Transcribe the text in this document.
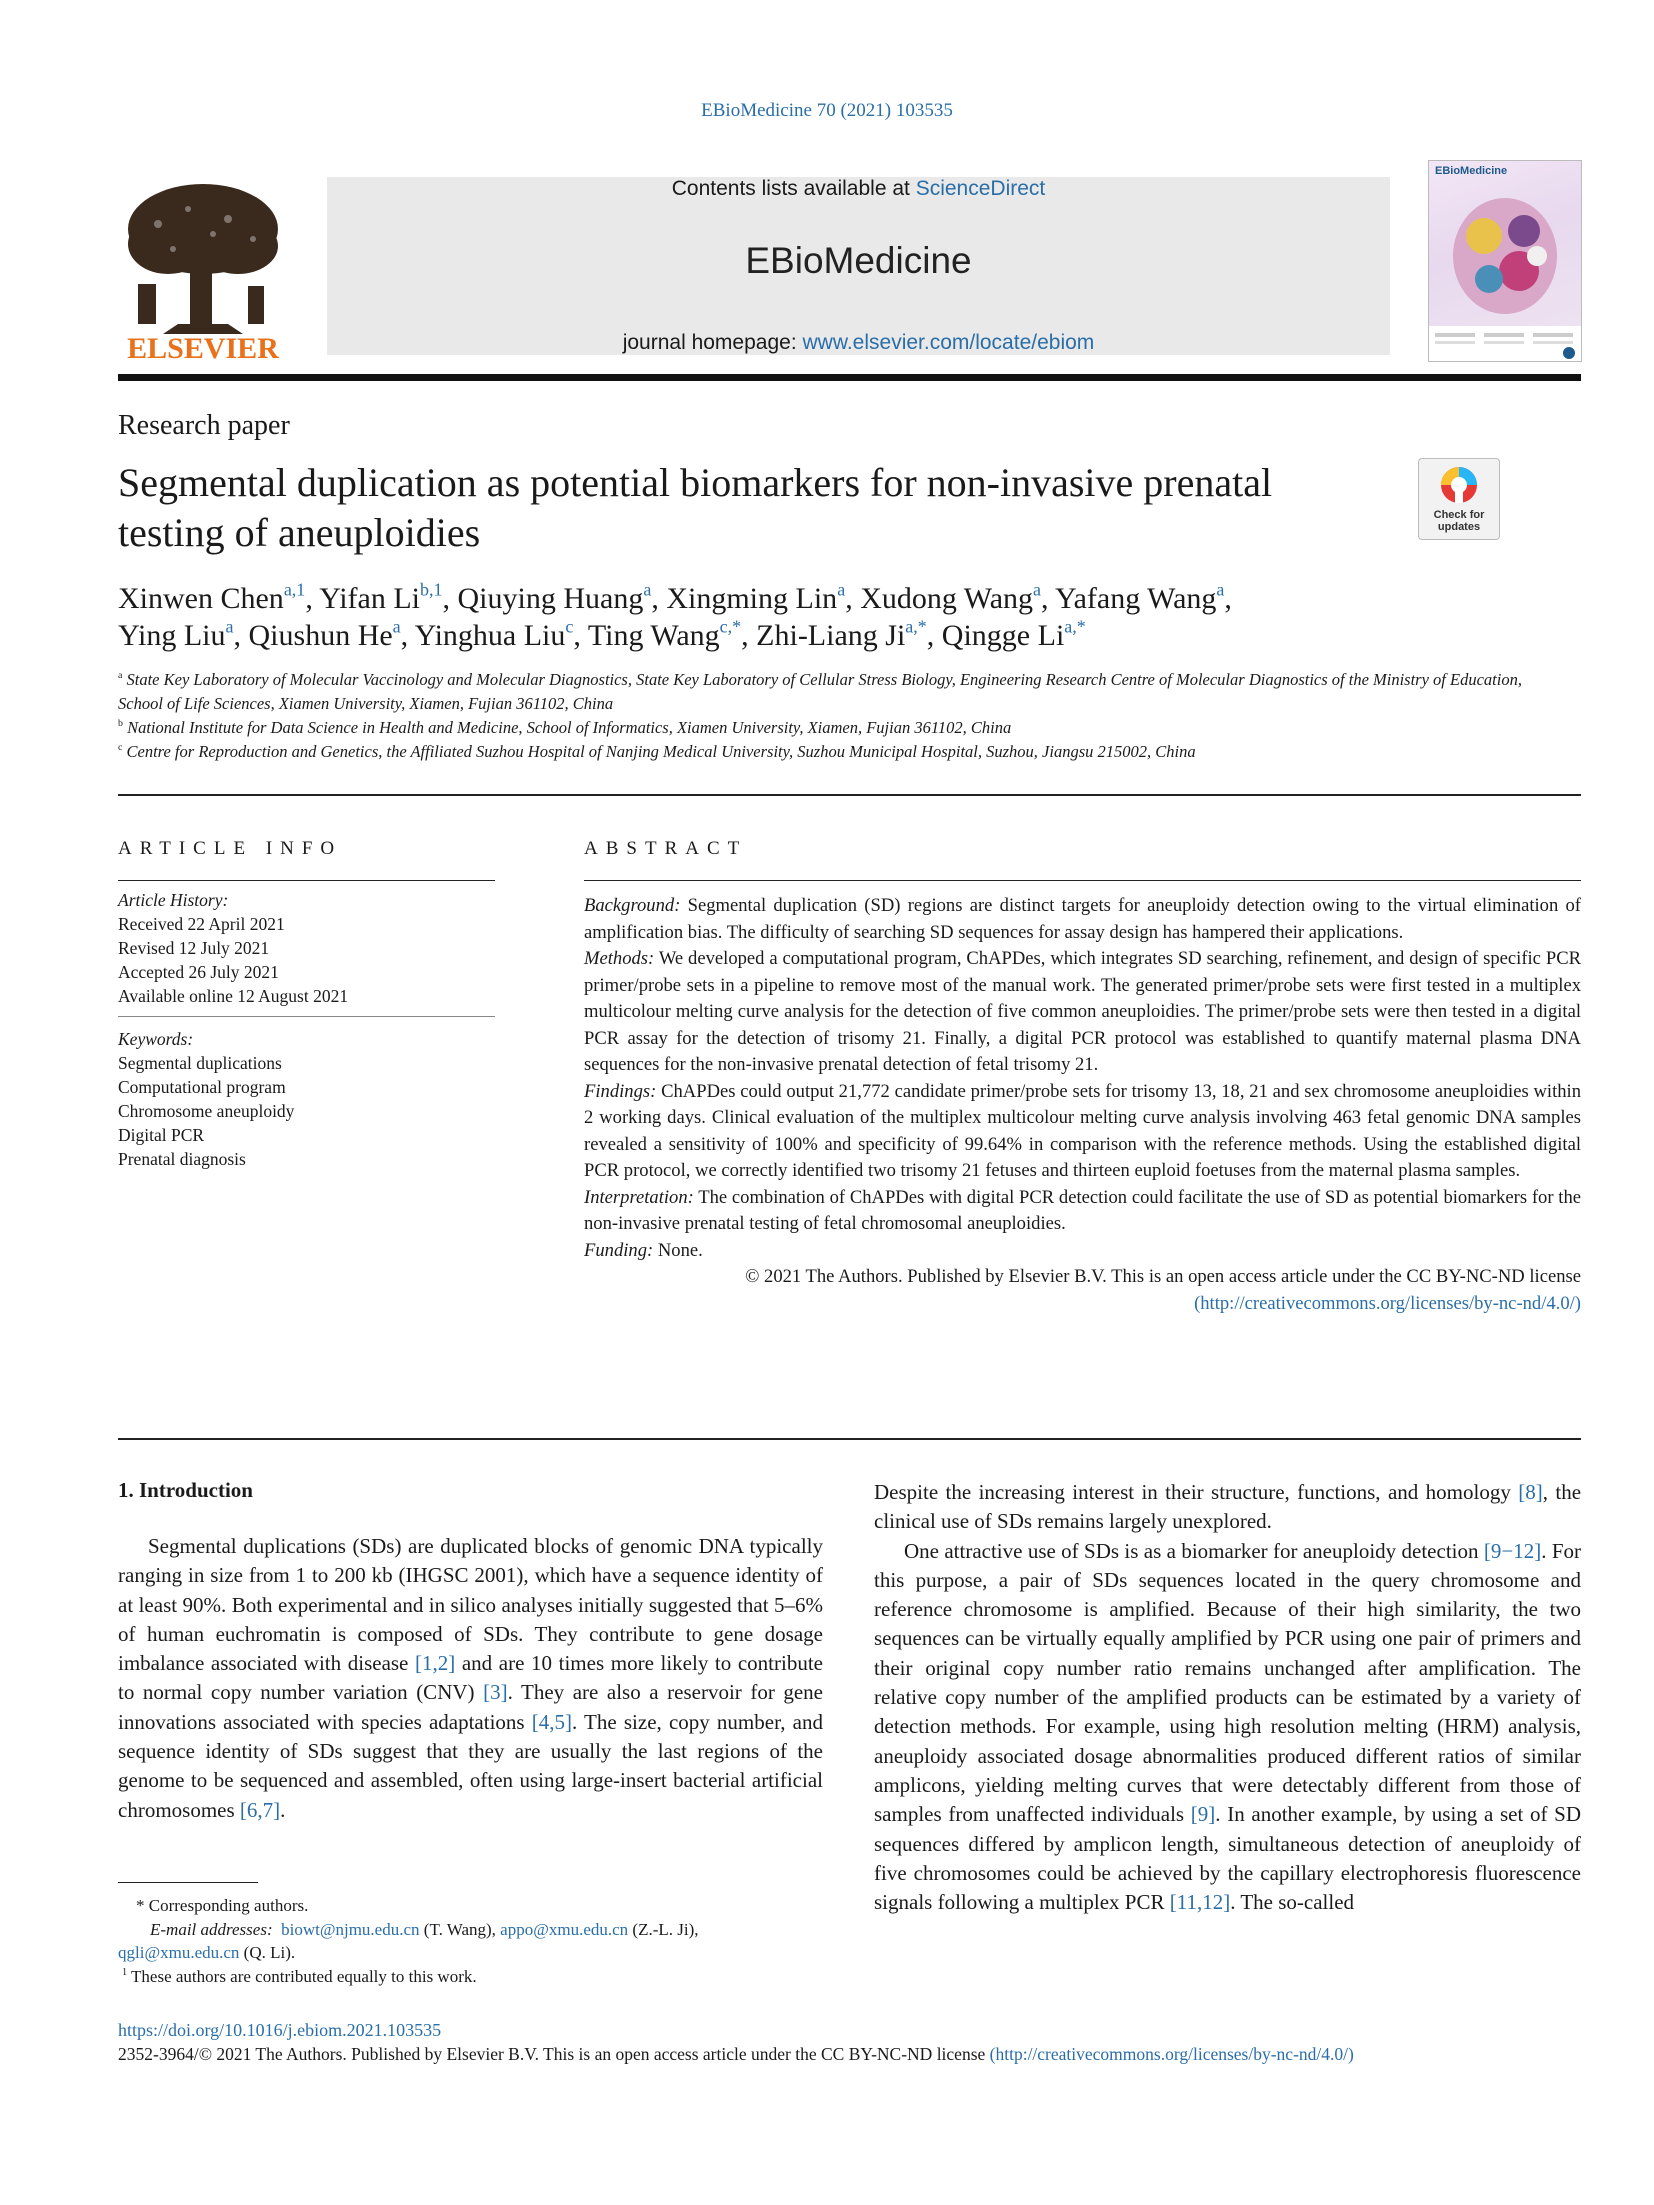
EBioMedicine 70 (2021) 103535
ELSEVIER
Contents lists available at ScienceDirect
EBioMedicine
journal homepage: www.elsevier.com/locate/ebiom
EBioMedicine
Research paper
Segmental duplication as potential biomarkers for non-invasive prenatal testing of aneuploidies	Check for updates
Xinwen Chen$^{a,1}$, Yifan Li$^{b,1}$, Qiuying Huang$^a$, Xingming Lin$^a$, Xudong Wang$^a$, Yafang Wang$^a$,
Ying Liu$^a$, Qiushun He$^a$, Yinghua Liu$^c$, Ting Wang$^{c,*}$, Zhi-Liang $Ji^{a,*}$, Qingge $Li^{a,*}$
$^a$ State Key Laboratory of Molecular Vaccinology and Molecular Diagnostics, State Key Laboratory of Cellular Stress Biology, Engineering Research Centre of Molecular Diagnostics of the Ministry of Education, School of Life Sciences, Xiamen University, Xiamen, Fujian 361102, China
$^b$ National Institute for Data Science in Health and Medicine, School of Informatics, Xiamen University, Xiamen, Fujian 361102, China
$^c$ Centre for Reproduction and Genetics, the Affiliated Suzhou Hospital of Nanjing Medical University, Suzhou Municipal Hospital, Suzhou, Jiangsu 215002, China
ARTICLE INFO
Article History:
Received 22 April 2021
Revised 12 July 2021
Accepted 26 July 2021
Available online 12 August 2021
Keywords:
Segmental duplications
Computational program
Chromosome aneuploidy
Digital PCR
Prenatal diagnosis
ABSTRACT

Background: Segmental duplication (SD) regions are distinct targets for aneuploidy detection owing to the virtual elimination of amplification bias. The difficulty of searching SD sequences for assay design has hampered their applications.

Methods: We developed a computational program, ChAPDes, which integrates SD searching, refinement, and design of specific PCR primer/probe sets in a pipeline to remove most of the manual work. The generated primer/probe sets were first tested in a multiplex multicolour melting curve analysis for the detection of five common aneuploidies. The primer/probe sets were then tested in a digital PCR assay for the detection of trisomy 21. Finally, a digital PCR protocol was established to quantify maternal plasma DNA sequences for the non-invasive prenatal detection of fetal trisomy 21.

Findings: ChAPDes could output 21,772 candidate primer/probe sets for trisomy 13, 18, 21 and sex chromosome aneuploidies within 2 working days. Clinical evaluation of the multiplex multicolour melting curve analysis involving 463 fetal genomic DNA samples revealed a sensitivity of 100% and specificity of 99.64% in comparison with the reference methods. Using the established digital PCR protocol, we correctly identified two trisomy 21 fetuses and thirteen euploid foetuses from the maternal plasma samples.

Interpretation: The combination of ChAPDes with digital PCR detection could facilitate the use of SD as potential biomarkers for the non-invasive prenatal testing of fetal chromosomal aneuploidies.

Funding: None.

© 2021 The Authors. Published by Elsevier B.V. This is an open access article under the CC BY-NC-ND license
(http://creativecommons.org/licenses/by-nc-nd/4.0/)

1. Introduction

Segmental duplications (SDs) are duplicated blocks of genomic DNA typically ranging in size from 1 to 200 kb (IHGSC 2001), which have a sequence identity of at least 90%. Both experimental and in silico analyses initially suggested that 5–6% of human euchromatin is composed of SDs. They contribute to gene dosage imbalance associated with disease [1,2] and are 10 times more likely to contribute to normal copy number variation (CNV) [3]. They are also a reservoir for gene innovations associated with species adaptations [4,5]. The size, copy number, and sequence identity of SDs suggest that they are usually the last regions of the genome to be sequenced and assembled, often using large-insert bacterial artificial chromosomes [6,7].

Despite the increasing interest in their structure, functions, and homology [8], the clinical use of SDs remains largely unexplored.

One attractive use of SDs is as a biomarker for aneuploidy detection [9−12]. For this purpose, a pair of SDs sequences located in the query chromosome and reference chromosome is amplified. Because of their high similarity, the two sequences can be virtually equally amplified by PCR using one pair of primers and their original copy number ratio remains unchanged after amplification. The relative copy number of the amplified products can be estimated by a variety of detection methods. For example, using high resolution melting (HRM) analysis, aneuploidy associated dosage abnormalities produced different ratios of similar amplicons, yielding melting curves that were detectably different from those of samples from unaffected individuals [9]. In another example, by using a set of SD sequences differed by amplicon length, simultaneous detection of aneuploidy of five chromosomes could be achieved by the capillary electrophoresis fluorescence signals following a multiplex PCR [11,12]. The so-called

* Corresponding authors.
E-mail addresses: biowt@njmu.edu.cn (T. Wang), appo@xmu.edu.cn (Z.-L. Ji),
qgli@xmu.edu.cn (Q. Li).
$^1$ These authors are contributed equally to this work.
https://doi.org/10.1016/j.ebiom.2021.103535
2352-3964/© 2021 The Authors. Published by Elsevier B.V. This is an open access article under the CC BY-NC-ND license (http://creativecommons.org/licenses/by-nc-nd/4.0/)
